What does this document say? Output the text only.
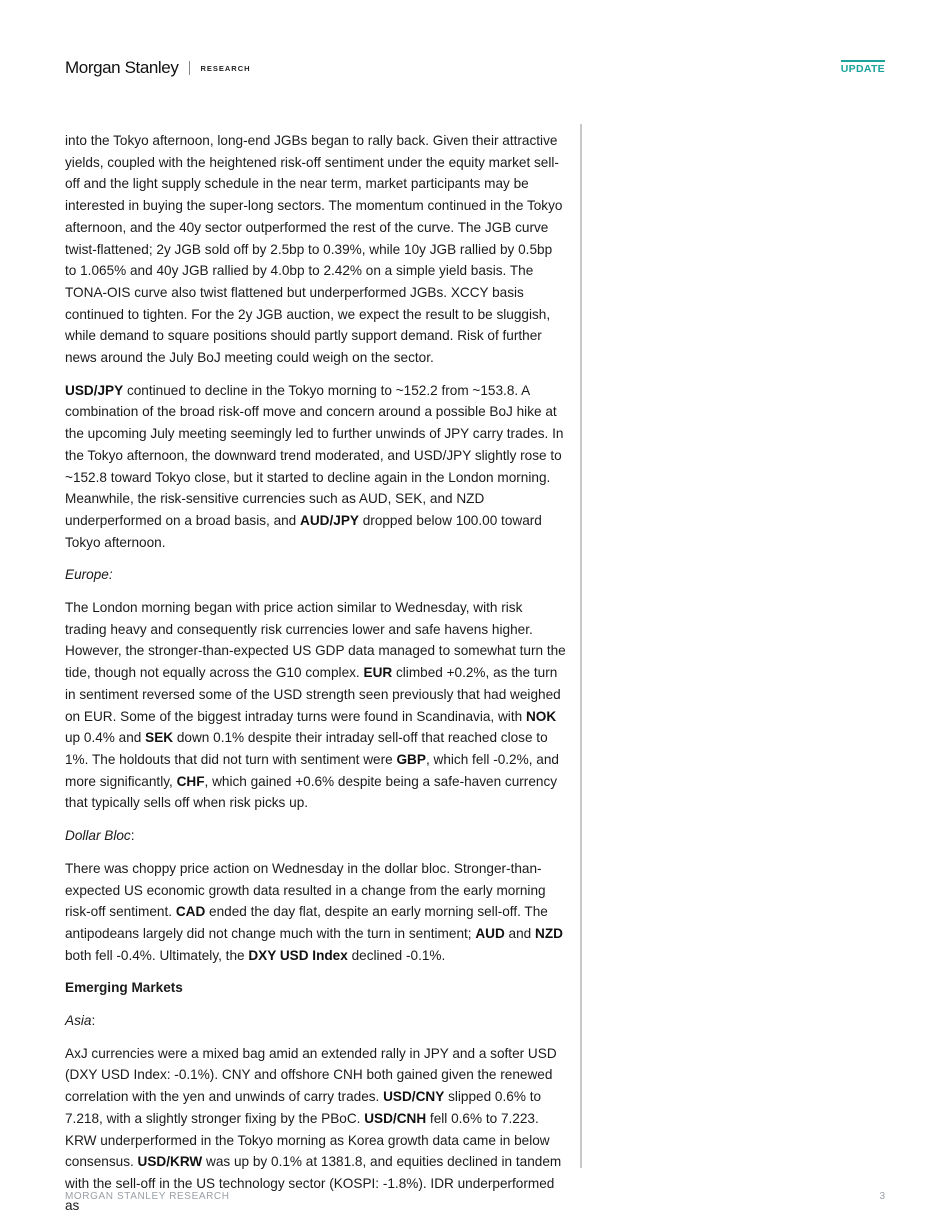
Morgan Stanley	RESEARCH	UPDATE

into the Tokyo afternoon, long-end JGBs began to rally back. Given their attractive yields, coupled with the heightened risk-off sentiment under the equity market sell-off and the light supply schedule in the near term, market participants may be interested in buying the super-long sectors. The momentum continued in the Tokyo afternoon, and the 40y sector outperformed the rest of the curve. The JGB curve twist-flattened; 2y JGB sold off by 2.5bp to 0.39%, while 10y JGB rallied by 0.5bp to 1.065% and 40y JGB rallied by 4.0bp to 2.42% on a simple yield basis. The TONA-OIS curve also twist flattened but underperformed JGBs. XCCY basis continued to tighten. For the 2y JGB auction, we expect the result to be sluggish, while demand to square positions should partly support demand. Risk of further news around the July BoJ meeting could weigh on the sector.

USD/JPY continued to decline in the Tokyo morning to ~152.2 from ~153.8. A combination of the broad risk-off move and concern around a possible BoJ hike at the upcoming July meeting seemingly led to further unwinds of JPY carry trades. In the Tokyo afternoon, the downward trend moderated, and USD/JPY slightly rose to ~152.8 toward Tokyo close, but it started to decline again in the London morning. Meanwhile, the risk-sensitive currencies such as AUD, SEK, and NZD underperformed on a broad basis, and AUD/JPY dropped below 100.00 toward Tokyo afternoon.

Europe:

The London morning began with price action similar to Wednesday, with risk trading heavy and consequently risk currencies lower and safe havens higher. However, the stronger-than-expected US GDP data managed to somewhat turn the tide, though not equally across the G10 complex. EUR climbed +0.2%, as the turn in sentiment reversed some of the USD strength seen previously that had weighed on EUR. Some of the biggest intraday turns were found in Scandinavia, with NOK up 0.4% and SEK down 0.1% despite their intraday sell-off that reached close to 1%. The holdouts that did not turn with sentiment were GBP, which fell -0.2%, and more significantly, CHF, which gained +0.6% despite being a safe-haven currency that typically sells off when risk picks up.

Dollar Bloc:

There was choppy price action on Wednesday in the dollar bloc. Stronger-than-expected US economic growth data resulted in a change from the early morning risk-off sentiment. CAD ended the day flat, despite an early morning sell-off. The antipodeans largely did not change much with the turn in sentiment; AUD and NZD both fell -0.4%. Ultimately, the DXY USD Index declined -0.1%.

Emerging Markets

Asia:

AxJ currencies were a mixed bag amid an extended rally in JPY and a softer USD (DXY USD Index: -0.1%). CNY and offshore CNH both gained given the renewed correlation with the yen and unwinds of carry trades. USD/CNY slipped 0.6% to 7.218, with a slightly stronger fixing by the PBoC. USD/CNH fell 0.6% to 7.223. KRW underperformed in the Tokyo morning as Korea growth data came in below consensus. USD/KRW was up by 0.1% at 1381.8, and equities declined in tandem with the sell-off in the US technology sector (KOSPI: -1.8%). IDR underperformed as

MORGAN STANLEY RESEARCH	3
